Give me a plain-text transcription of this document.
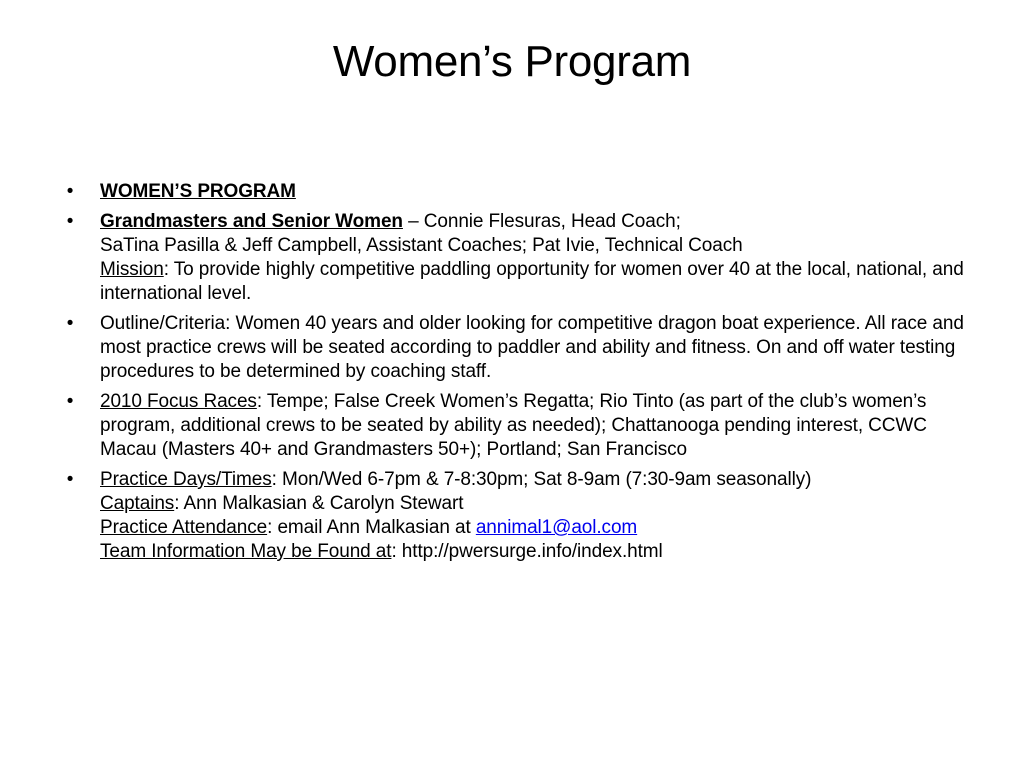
Women’s Program
•	WOMEN’S PROGRAM
•	Grandmasters and Senior Women – Connie Flesuras, Head Coach;
SaTina Pasilla & Jeff Campbell, Assistant Coaches; Pat Ivie, Technical Coach
Mission: To provide highly competitive paddling opportunity for women over 40 at the local, national, and international level.
•	Outline/Criteria: Women 40 years and older looking for competitive dragon boat experience. All race and most practice crews will be seated according to paddler and ability and fitness. On and off water testing procedures to be determined by coaching staff.
•	2010 Focus Races: Tempe; False Creek Women’s Regatta; Rio Tinto (as part of the club’s women’s program, additional crews to be seated by ability as needed); Chattanooga pending interest, CCWC Macau (Masters 40+ and Grandmasters 50+); Portland; San Francisco
•	Practice Days/Times: Mon/Wed 6-7pm & 7-8:30pm; Sat 8-9am (7:30-9am seasonally)
Captains: Ann Malkasian & Carolyn Stewart
Practice Attendance: email Ann Malkasian at annimal1@aol.com
Team Information May be Found at: http://pwersurge.info/index.html
